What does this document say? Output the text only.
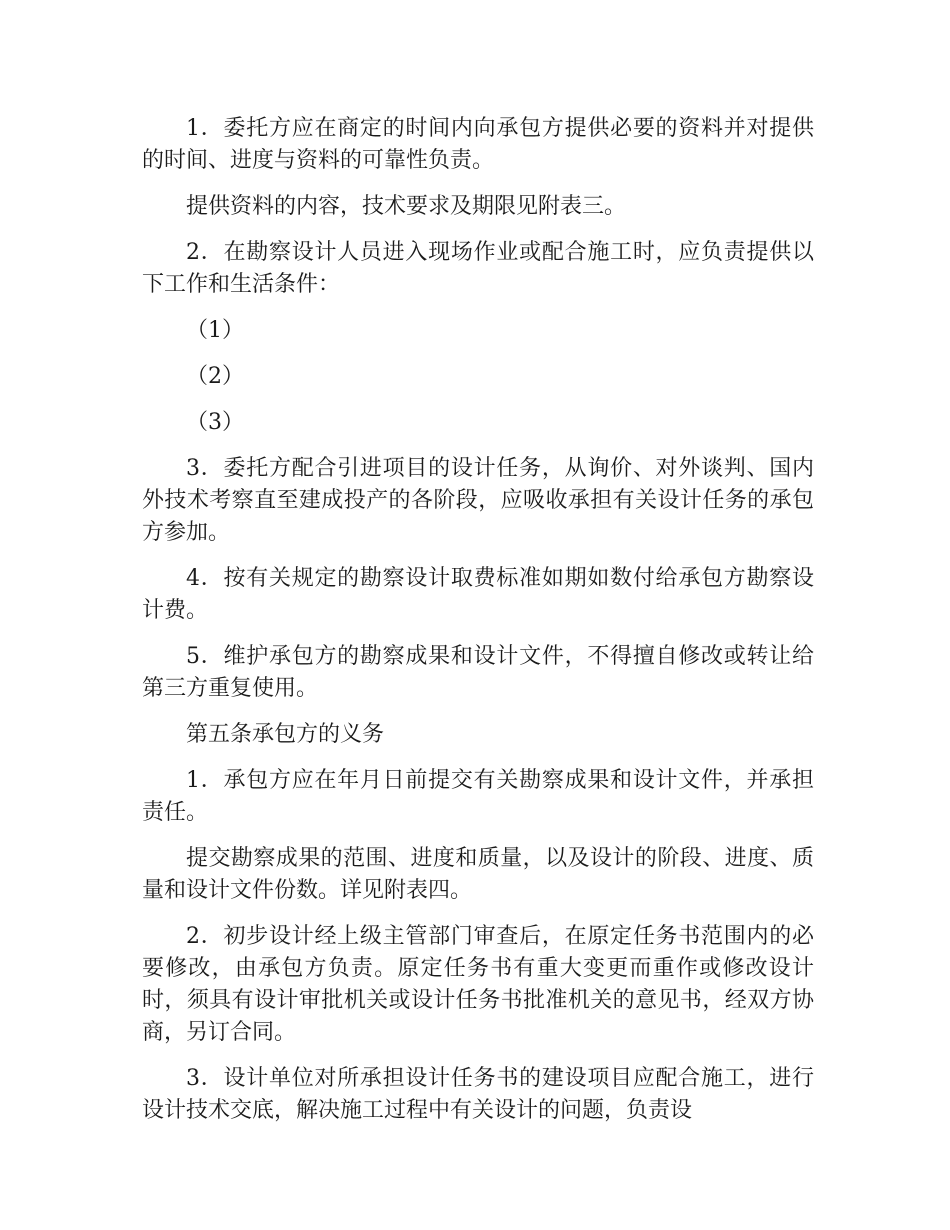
1．委托方应在商定的时间内向承包方提供必要的资料并对提供的时间、进度与资料的可靠性负责。

提供资料的内容，技术要求及期限见附表三。

2．在勘察设计人员进入现场作业或配合施工时，应负责提供以下工作和生活条件：

（1）

（2）

（3）

3．委托方配合引进项目的设计任务，从询价、对外谈判、国内外技术考察直至建成投产的各阶段，应吸收承担有关设计任务的承包方参加。

4．按有关规定的勘察设计取费标准如期如数付给承包方勘察设计费。

5．维护承包方的勘察成果和设计文件，不得擅自修改或转让给第三方重复使用。

第五条承包方的义务

1．承包方应在年月日前提交有关勘察成果和设计文件，并承担责任。

提交勘察成果的范围、进度和质量，以及设计的阶段、进度、质量和设计文件份数。详见附表四。

2．初步设计经上级主管部门审查后，在原定任务书范围内的必要修改，由承包方负责。原定任务书有重大变更而重作或修改设计时，须具有设计审批机关或设计任务书批准机关的意见书，经双方协商，另订合同。

3．设计单位对所承担设计任务书的建设项目应配合施工，进行设计技术交底，解决施工过程中有关设计的问题，负责设
